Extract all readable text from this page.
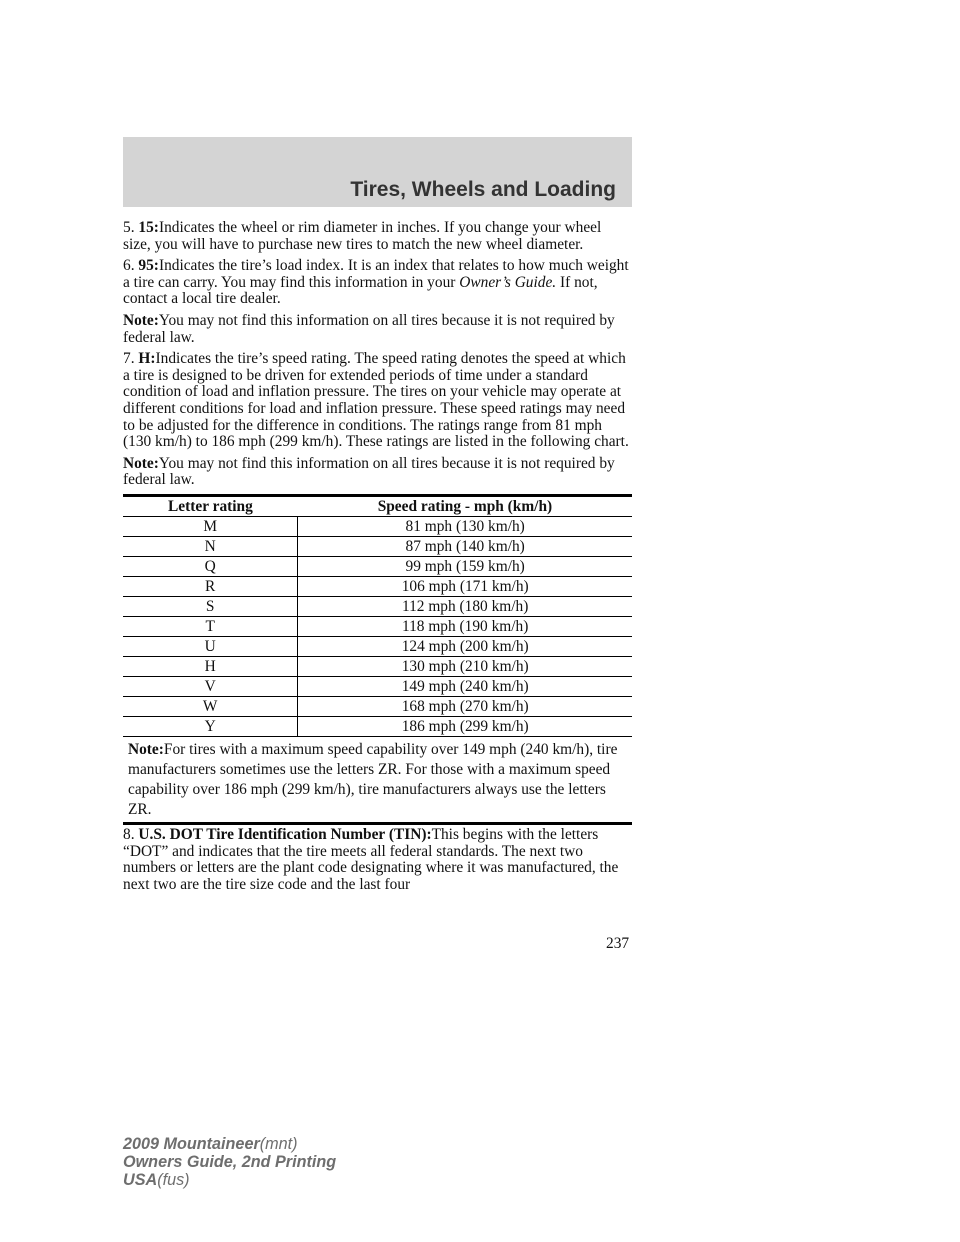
Tires, Wheels and Loading

5. 15:Indicates the wheel or rim diameter in inches. If you change your wheel size, you will have to purchase new tires to match the new wheel diameter.

6. 95:Indicates the tire’s load index. It is an index that relates to how much weight a tire can carry. You may find this information in your Owner’s Guide. If not, contact a local tire dealer.

Note:You may not find this information on all tires because it is not required by federal law.

7. H:Indicates the tire’s speed rating. The speed rating denotes the speed at which a tire is designed to be driven for extended periods of time under a standard condition of load and inflation pressure. The tires on your vehicle may operate at different conditions for load and inflation pressure. These speed ratings may need to be adjusted for the difference in conditions. The ratings range from 81 mph (130 km/h) to 186 mph (299 km/h). These ratings are listed in the following chart.

Note:You may not find this information on all tires because it is not required by federal law.

Letter rating	Speed rating - mph (km/h)
M	81 mph (130 km/h)
N	87 mph (140 km/h)
Q	99 mph (159 km/h)
R	106 mph (171 km/h)
S	112 mph (180 km/h)
T	118 mph (190 km/h)
U	124 mph (200 km/h)
H	130 mph (210 km/h)
V	149 mph (240 km/h)
W	168 mph (270 km/h)
Y	186 mph (299 km/h)
Note:For tires with a maximum speed capability over 149 mph (240 km/h), tire manufacturers sometimes use the letters ZR. For those with a maximum speed capability over 186 mph (299 km/h), tire manufacturers always use the letters ZR.	

8. U.S. DOT Tire Identification Number (TIN):This begins with the letters “DOT” and indicates that the tire meets all federal standards. The next two numbers or letters are the plant code designating where it was manufactured, the next two are the tire size code and the last four

237
2009 Mountaineer(mnt)
Owners Guide, 2nd Printing
USA(fus)
